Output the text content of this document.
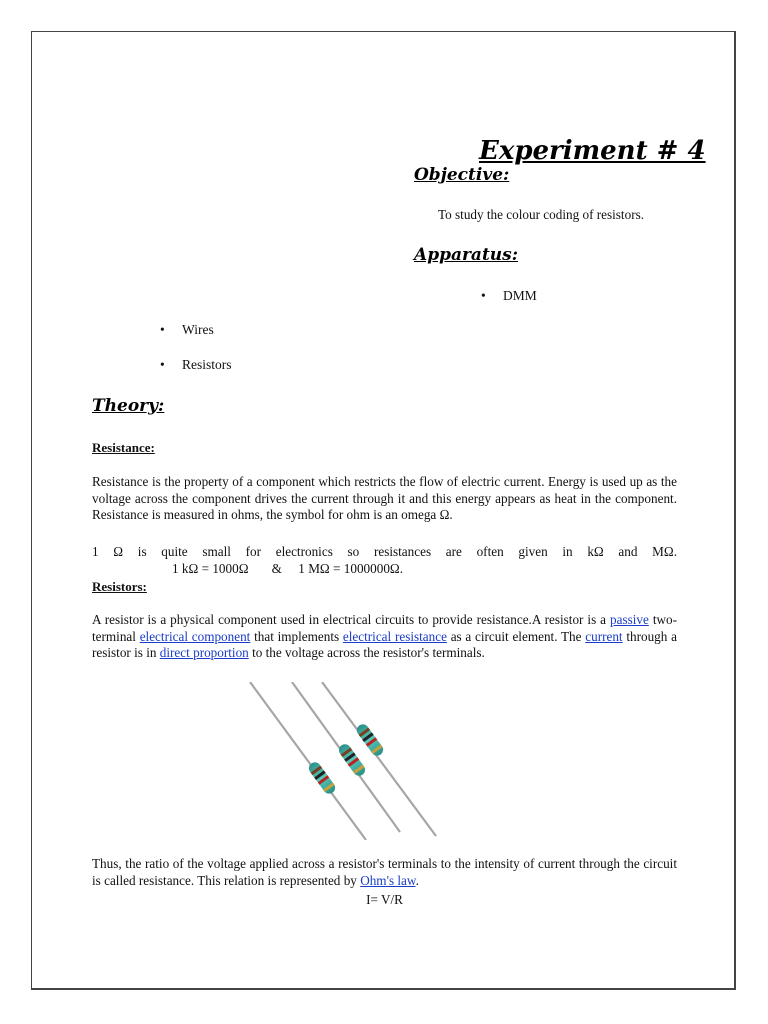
Experiment # 4
Objective:
To study the colour coding of resistors.
Apparatus:
• DMM
• Wires
• Resistors
Theory:
Resistance:
Resistance is the property of a component which restricts the flow of electric current. Energy is used up as the voltage across the component drives the current through it and this energy appears as heat in the component. Resistance is measured in ohms, the symbol for ohm is an omega Ω.
1 Ω is quite small for electronics so resistances are often given in kΩ and MΩ.
1 kΩ = 1000Ω       &     1 MΩ = 1000000Ω.
Resistors:
A resistor is a physical component used in electrical circuits to provide resistance.A resistor is a passive two-terminal electrical component that implements electrical resistance as a circuit element. The current through a resistor is in direct proportion to the voltage across the resistor's terminals.
Thus, the ratio of the voltage applied across a resistor's terminals to the intensity of current through the circuit is called resistance. This relation is represented by Ohm's law.
I= V/R
